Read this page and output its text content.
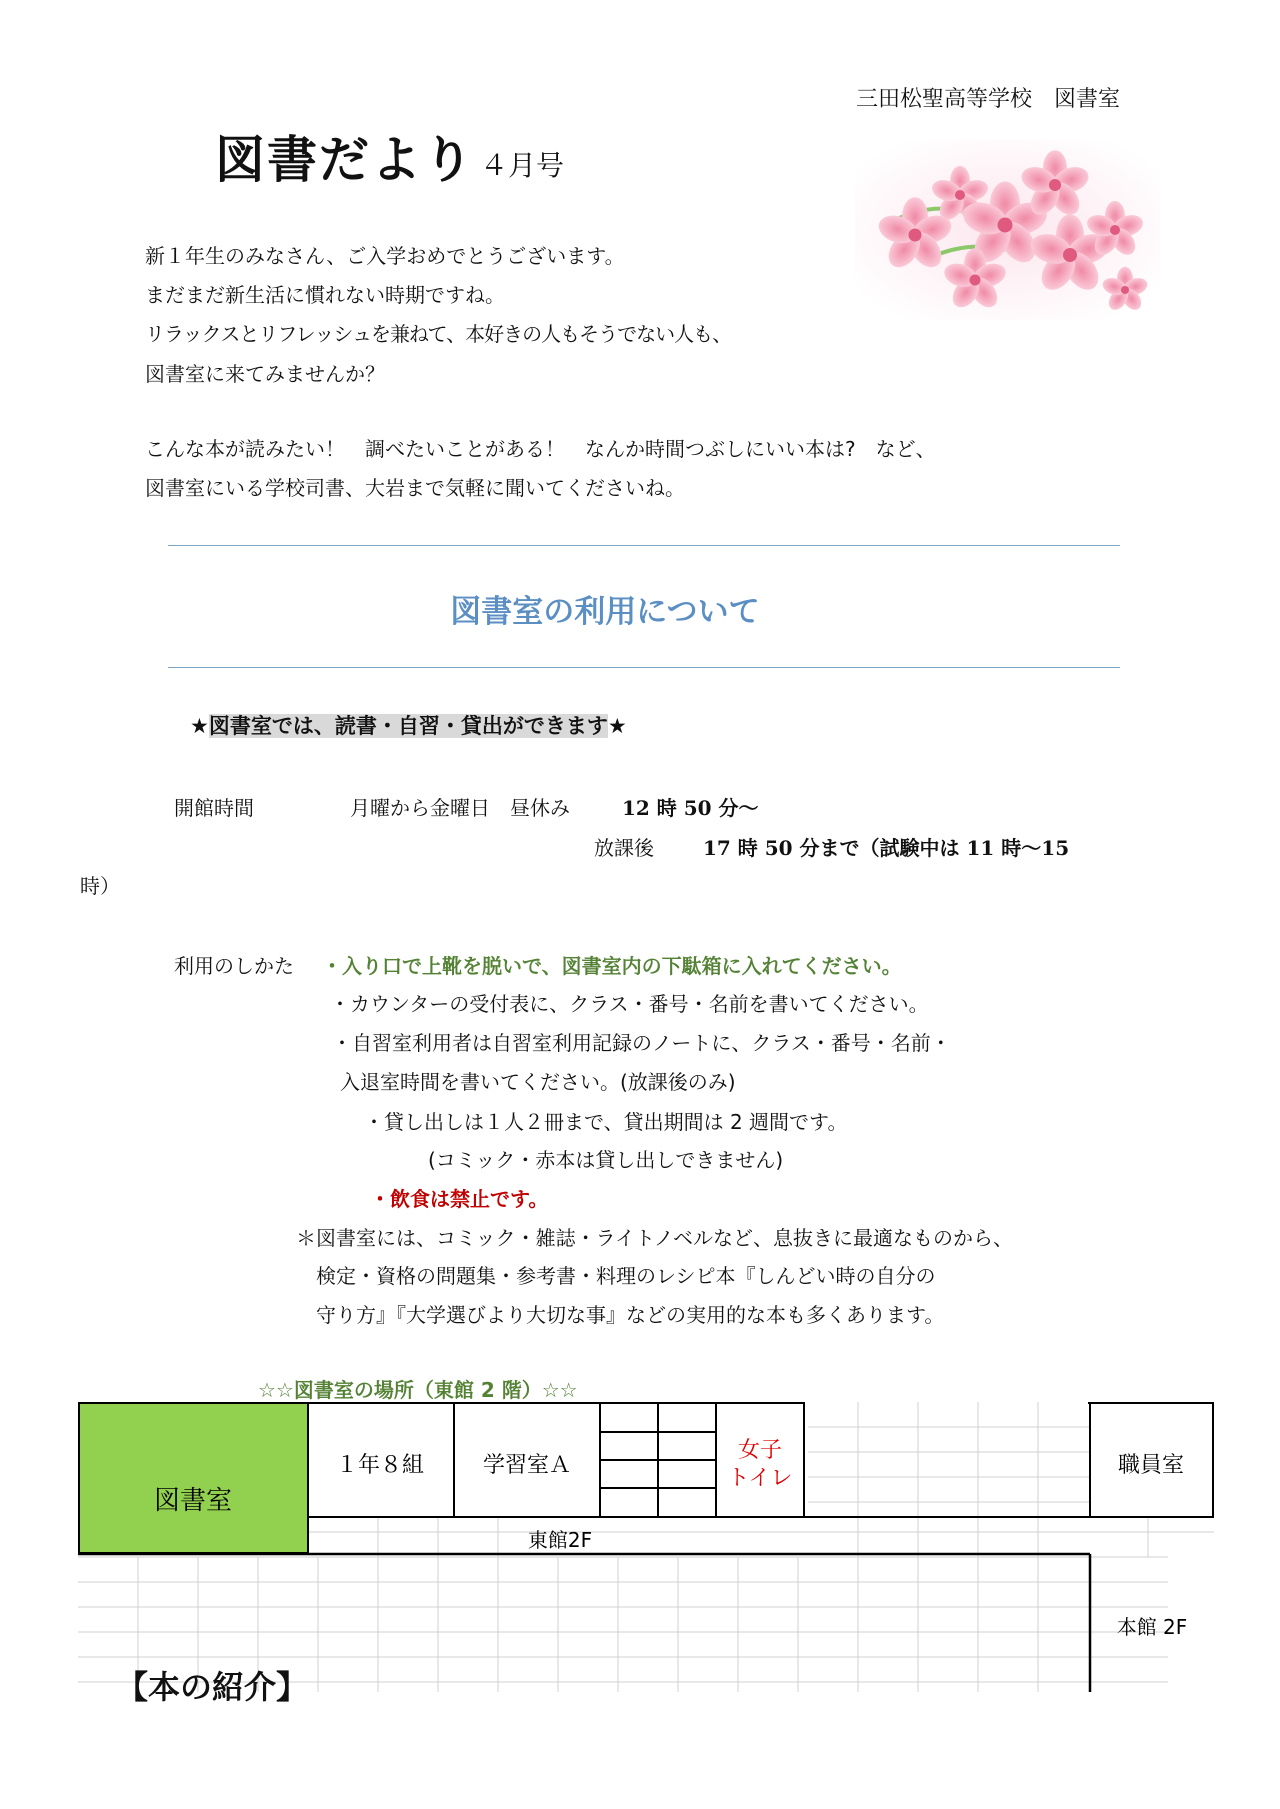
三田松聖高等学校　図書室
図書だより ４月号
新１年生のみなさん、ご入学おめでとうございます。
まだまだ新生活に慣れない時期ですね。
リラックスとリフレッシュを兼ねて、本好きの人もそうでない人も、
図書室に来てみませんか？
こんな本が読みたい！　調べたいことがある！　なんか時間つぶしにいい本は?　など、
図書室にいる学校司書、大岩まで気軽に聞いてくださいね。
図書室の利用について
★図書室では、読書・自習・貸出ができます★
開館時間	月曜から金曜日　昼休み	12 時 50 分～
放課後 17 時 50 分まで（試験中は 11 時～15
時）
利用のしかた ・入り口で上靴を脱いで、図書室内の下駄箱に入れてください。
・カウンターの受付表に、クラス・番号・名前を書いてください。
・自習室利用者は自習室利用記録のノートに、クラス・番号・名前・
入退室時間を書いてください。(放課後のみ)
・貸し出しは１人２冊まで、貸出期間は 2 週間です。
(コミック・赤本は貸し出しできません)
・飲食は禁止です。
＊図書室には、コミック・雑誌・ライトノベルなど、息抜きに最適なものから、
検定・資格の問題集・参考書・料理のレシピ本『しんどい時の自分の
守り方』『大学選びより大切な事』などの実用的な本も多くあります。
☆☆図書室の場所（東館 2 階）☆☆
図書室
１年８組	学習室Ａ
女子
トイレ
職員室
東館2F
本館 2F
【本の紹介】
